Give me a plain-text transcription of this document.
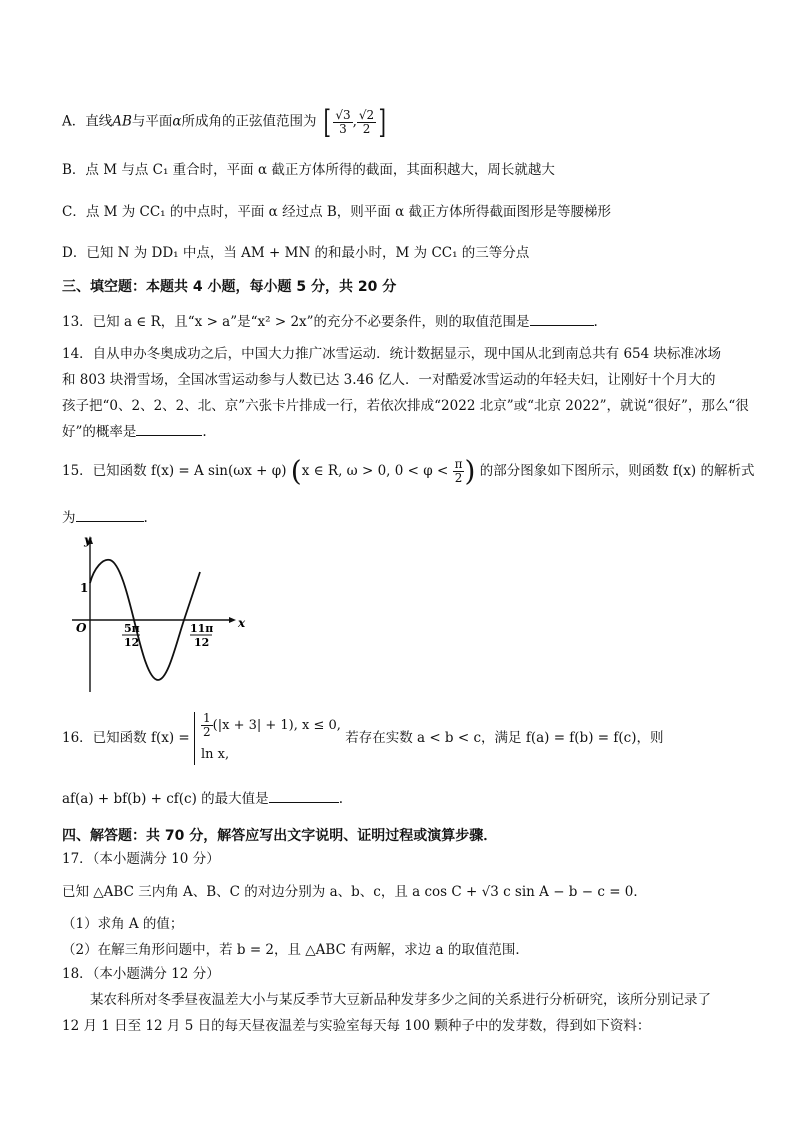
A．直线AB与平面α所成角的正弦值范围为 [ $\frac{√3}{3}$ , $\frac{√2}{2}$ ]
B．点 M 与点 C₁ 重合时，平面 α 截正方体所得的截面，其面积越大，周长就越大
C．点 M 为 CC₁ 的中点时，平面 α 经过点 B，则平面 α 截正方体所得截面图形是等腰梯形
D．已知 N 为 DD₁ 中点，当 AM + MN 的和最小时，M 为 CC₁ 的三等分点
三、填空题：本题共 4 小题，每小题 5 分，共 20 分
13．已知 a ∈ R，且“x > a”是“x² > 2x”的充分不必要条件，则的取值范围是	.
14．自从申办冬奥成功之后，中国大力推广冰雪运动．统计数据显示，现中国从北到南总共有 654 块标准冰场
和 803 块滑雪场，全国冰雪运动参与人数已达 3.46 亿人．一对酷爱冰雪运动的年轻夫妇，让刚好十个月大的
孩子把“0、2、2、2、北、京”六张卡片排成一行，若依次排成“2022 北京”或“北京 2022”，就说“很好”，那么“很
好”的概率是	.
15．已知函数 f(x) = A sin(ωx + φ) (x ∈ R, ω > 0, $0 < \varphi < \frac{\pi}{2}$ ) 的部分图象如下图所示，则函数 f(x) 的解析式
为	.
y
x
O
1
5π
12
11π
12
16．已知函数 $f(x) = \frac{1}{2} (|x + 3| + 1)$, x ≤ 0,
ln x,
若存在实数 a < b < c，满足 f(a) = f(b) = f(c)，则
af(a) + bf(b) + cf(c) 的最大值是	.
四、解答题：共 70 分，解答应写出文字说明、证明过程或演算步骤．
17．（本小题满分 10 分）
已知 △ABC 三内角 A、B、C 的对边分别为 a、b、c，且 a cos C + √3 c sin A − b − c = 0．
（1）求角 A 的值；
（2）在解三角形问题中，若 b = 2，且 △ABC 有两解，求边 a 的取值范围．
18．（本小题满分 12 分）
某农科所对冬季昼夜温差大小与某反季节大豆新品种发芽多少之间的关系进行分析研究，该所分别记录了
12 月 1 日至 12 月 5 日的每天昼夜温差与实验室每天每 100 颗种子中的发芽数，得到如下资料：
